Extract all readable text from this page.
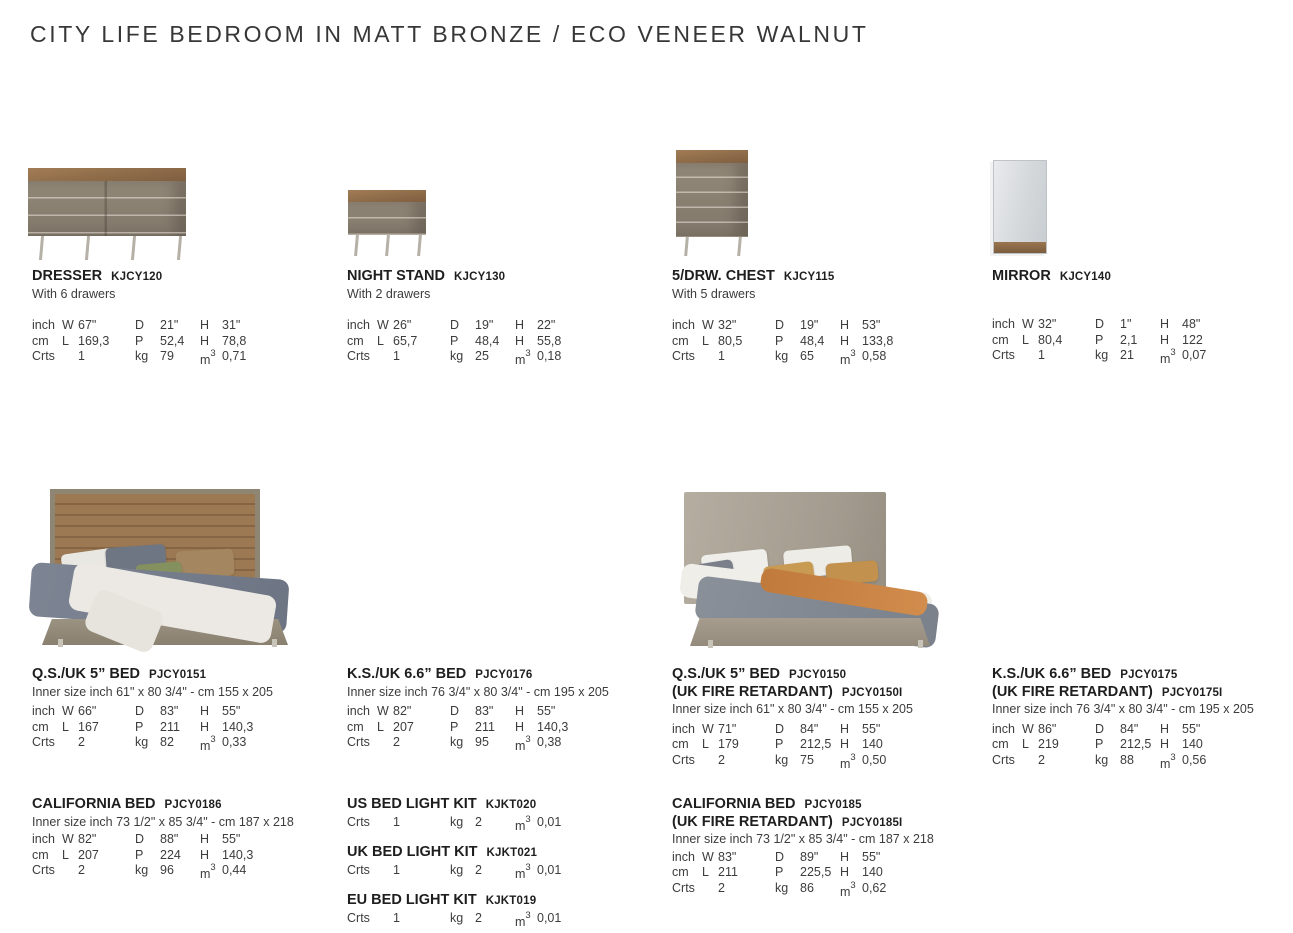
CITY LIFE BEDROOM IN MATT BRONZE / ECO VENEER WALNUT
DRESSER KJCY120

With 6 drawers

inch W 67"	D	21" H	31"
cm	L 169,3 P	52,4 H	78,8
Crts	1	kg 79 $m^3$ 0,71
NIGHT STAND KJCY130

With 2 drawers

inch W 26"	D	19" H	22"
cm	L 65,7	P	48,4 H	55,8
Crts	1	kg 25 $m^3$ 0,18
5/DRW. CHEST KJCY115

With 5 drawers

inch W 32"	D	19" H	53"
cm	L 80,5	P	48,4 H	133,8
Crts	1	kg 65 $m^3$ 0,58
MIRROR KJCY140
inch W 32"	D	1" H	48"
cm	L 80,4	P	2,1 H	122
Crts	1	kg 21 $m^3$ 0,07
Q.S./UK 5” BED PJCY0151

Inner size inch 61" x 80 3/4" - cm 155 x 205

inch W 66"	D	83" H	55"
cm	L 167	P	211 H	140,3
Crts	2	kg 82 $m^3$ 0,33
K.S./UK 6.6” BED PJCY0176

Inner size inch 76 3/4" x 80 3/4" - cm 195 x 205

inch W 82"	D	83" H	55"
cm	L 207	P	211 H	140,3
Crts	2	kg 95 $m^3$ 0,38
Q.S./UK 5” BED PJCY0150
(UK FIRE RETARDANT) PJCY0150I

Inner size inch 61" x 80 3/4" - cm 155 x 205

inch W 71"	D	84" H	55"
cm	L 179	P	212,5 H	140
Crts	2	kg 75 $m^3$ 0,50
K.S./UK 6.6” BED PJCY0175
(UK FIRE RETARDANT) PJCY0175I

Inner size inch 76 3/4" x 80 3/4" - cm 195 x 205

inch W 86"	D	84" H	55"
cm	L 219	P	212,5 H	140
Crts	2	kg 88 $m^3$ 0,56
CALIFORNIA BED PJCY0186

Inner size inch 73 1/2" x 85 3/4" - cm 187 x 218

inch W 82"	D	88" H	55"
cm	L 207	P	224 H	140,3
Crts	2	kg 96 $m^3$ 0,44
US BED LIGHT KIT KJKT020
Crts	1	kg 2	$m^3$ 0,01
UK BED LIGHT KIT KJKT021
Crts	1	kg 2	$m^3$ 0,01
EU BED LIGHT KIT KJKT019
Crts	1	kg 2	$m^3$ 0,01
CALIFORNIA BED PJCY0185
(UK FIRE RETARDANT) PJCY0185I

Inner size inch 73 1/2" x 85 3/4" - cm 187 x 218

inch W 83"	D	89" H	55"
cm	L 211	P	225,5 H	140
Crts	2	kg 86 $m^3$ 0,62
